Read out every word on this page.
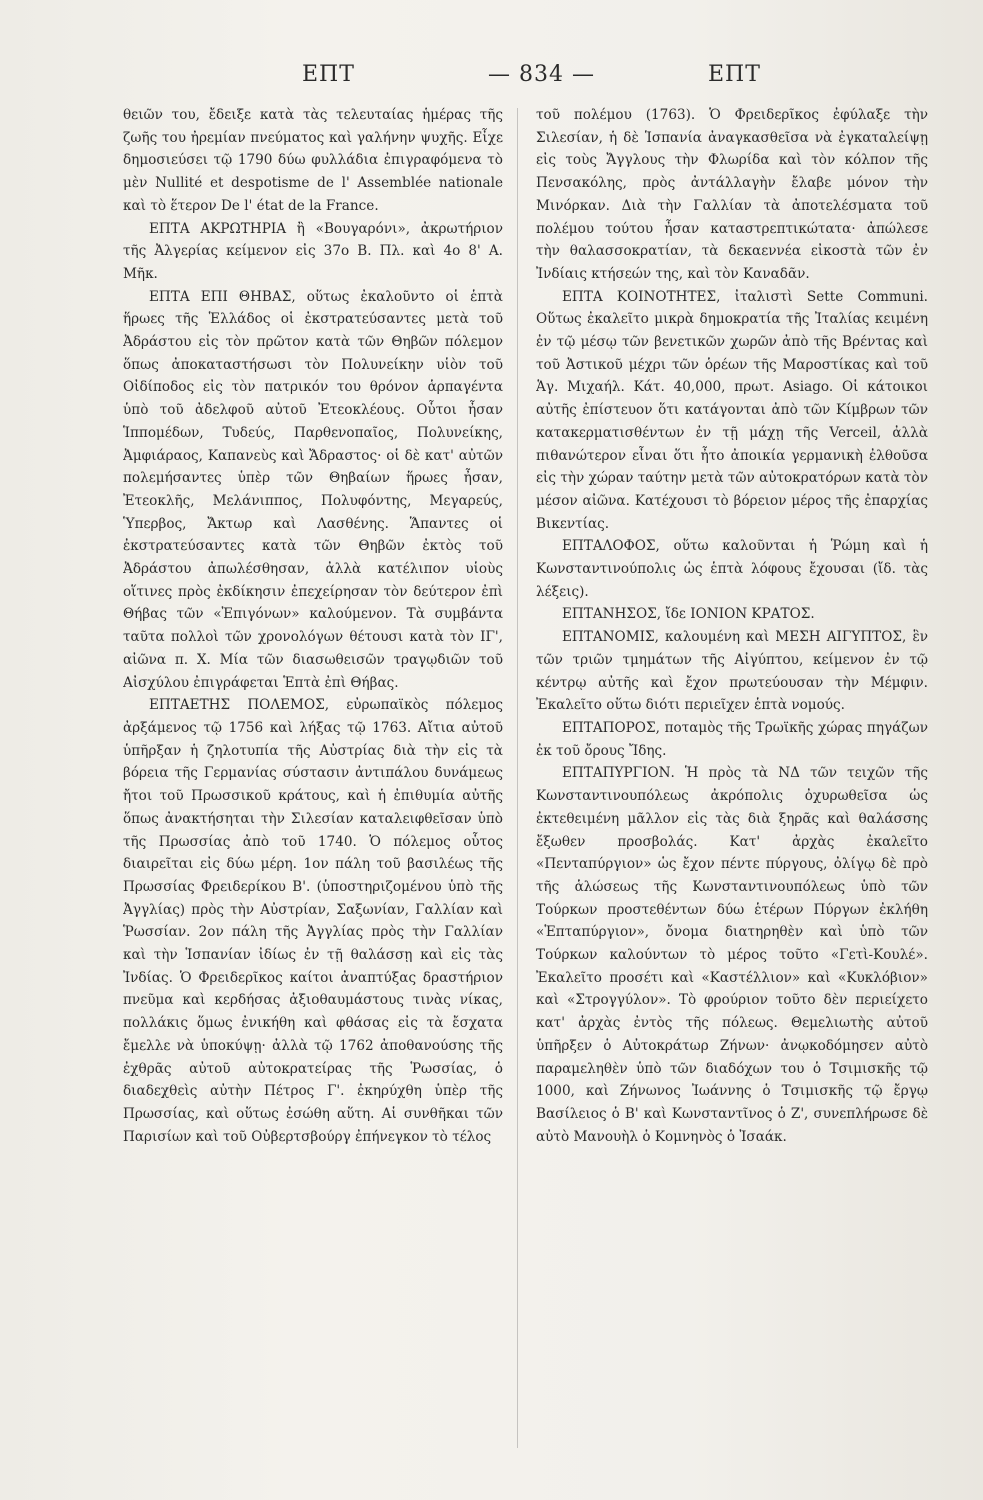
ΕΠΤ	— 834 —	ΕΠΤ

θειῶν του, ἔδειξε κατὰ τὰς τελευταίας ἡμέρας τῆς ζωῆς του ἠρεμίαν πνεύματος καὶ γαλήνην ψυχῆς. Εἶχε δημοσιεύσει τῷ 1790 δύω φυλλάδια ἐπιγραφόμενα τὸ μὲν Nullité et despotisme de l' Assemblée nationale καὶ τὸ ἕτερον De l' état de la France.

ΕΠΤΑ ΑΚΡΩΤΗΡΙΑ ἢ «Βουγαρόνι», ἀκρωτήριον τῆς Ἀλγερίας κείμενον εἰς 37ο Β. Πλ. καὶ 4ο 8' Α. Μῆκ.

ΕΠΤΑ ΕΠΙ ΘΗΒΑΣ, οὕτως ἐκαλοῦντο οἱ ἑπτὰ ἥρωες τῆς Ἑλλάδος οἱ ἐκστρατεύσαντες μετὰ τοῦ Ἀδράστου εἰς τὸν πρῶτον κατὰ τῶν Θηβῶν πόλεμον ὅπως ἀποκαταστήσωσι τὸν Πολυνείκην υἱὸν τοῦ Οἰδίποδος εἰς τὸν πατρικόν του θρόνον ἁρπαγέντα ὑπὸ τοῦ ἀδελφοῦ αὐτοῦ Ἐτεοκλέους. Οὗτοι ἦσαν Ἱππομέδων, Τυδεύς, Παρθενοπαῖος, Πολυνείκης, Ἀμφιάραος, Καπανεὺς καὶ Ἄδραστος· οἱ δὲ κατ' αὐτῶν πολεμήσαντες ὑπὲρ τῶν Θηβαίων ἥρωες ἦσαν, Ἐτεοκλῆς, Μελάνιππος, Πολυφόντης, Μεγαρεύς, Ὑπερβος, Ἄκτωρ καὶ Λασθένης. Ἅπαντες οἱ ἐκστρατεύσαντες κατὰ τῶν Θηβῶν ἐκτὸς τοῦ Ἀδράστου ἀπωλέσθησαν, ἀλλὰ κατέλιπον υἱοὺς οἵτινες πρὸς ἐκδίκησιν ἐπεχείρησαν τὸν δεύτερον ἐπὶ Θήβας τῶν «Ἐπιγόνων» καλούμενον. Τὰ συμβάντα ταῦτα πολλοὶ τῶν χρονολόγων θέτουσι κατὰ τὸν ΙΓ', αἰῶνα π. Χ. Μία τῶν διασωθεισῶν τραγῳδιῶν τοῦ Αἰσχύλου ἐπιγράφεται Ἑπτὰ ἐπὶ Θήβας.

ΕΠΤΑΕΤΗΣ ΠΟΛΕΜΟΣ, εὐρωπαϊκὸς πόλεμος ἀρξάμενος τῷ 1756 καὶ λήξας τῷ 1763. Αἴτια αὐτοῦ ὑπῆρξαν ἡ ζηλοτυπία τῆς Αὐστρίας διὰ τὴν εἰς τὰ βόρεια τῆς Γερμανίας σύστασιν ἀντιπάλου δυνάμεως ἤτοι τοῦ Πρωσσικοῦ κράτους, καὶ ἡ ἐπιθυμία αὐτῆς ὅπως ἀνακτήσηται τὴν Σιλεσίαν καταλειφθεῖσαν ὑπὸ τῆς Πρωσσίας ἀπὸ τοῦ 1740. Ὁ πόλεμος οὗτος διαιρεῖται εἰς δύω μέρη. 1ον πάλη τοῦ βασιλέως τῆς Πρωσσίας Φρειδερίκου Β'. (ὑποστηριζομένου ὑπὸ τῆς Ἀγγλίας) πρὸς τὴν Αὐστρίαν, Σαξωνίαν, Γαλλίαν καὶ Ῥωσσίαν. 2ον πάλη τῆς Ἀγγλίας πρὸς τὴν Γαλλίαν καὶ τὴν Ἱσπανίαν ἰδίως ἐν τῇ θαλάσσῃ καὶ εἰς τὰς Ἰνδίας. Ὁ Φρειδερῖκος καίτοι ἀναπτύξας δραστήριον πνεῦμα καὶ κερδήσας ἀξιοθαυμάστους τινὰς νίκας, πολλάκις ὅμως ἐνικήθη καὶ φθάσας εἰς τὰ ἔσχατα ἔμελλε νὰ ὑποκύψῃ· ἀλλὰ τῷ 1762 ἀποθανούσης τῆς ἐχθρᾶς αὐτοῦ αὐτοκρατείρας τῆς Ῥωσσίας, ὁ διαδεχθεὶς αὐτὴν Πέτρος Γ'. ἐκηρύχθη ὑπὲρ τῆς Πρωσσίας, καὶ οὕτως ἐσώθη αὕτη. Αἱ συνθῆκαι τῶν Παρισίων καὶ τοῦ Οὐβερτσβούργ ἐπήνεγκον τὸ τέλος

τοῦ πολέμου (1763). Ὁ Φρειδερῖκος ἐφύλαξε τὴν Σιλεσίαν, ἡ δὲ Ἱσπανία ἀναγκασθεῖσα νὰ ἐγκαταλείψῃ εἰς τοὺς Ἄγγλους τὴν Φλωρίδα καὶ τὸν κόλπον τῆς Πενσακόλης, πρὸς ἀντάλλαγὴν ἔλαβε μόνον τὴν Μινόρκαν. Διὰ τὴν Γαλλίαν τὰ ἀποτελέσματα τοῦ πολέμου τούτου ἦσαν καταστρεπτικώτατα· ἀπώλεσε τὴν θαλασσοκρατίαν, τὰ δεκαεννέα εἰκοστὰ τῶν ἐν Ἰνδίαις κτήσεών της, καὶ τὸν Καναδᾶν.

ΕΠΤΑ ΚΟΙΝΟΤΗΤΕΣ, ἰταλιστὶ Sette Communi. Οὕτως ἐκαλεῖτο μικρὰ δημοκρατία τῆς Ἰταλίας κειμένη ἐν τῷ μέσῳ τῶν βενετικῶν χωρῶν ἀπὸ τῆς Βρέντας καὶ τοῦ Ἀστικοῦ μέχρι τῶν ὁρέων τῆς Μαροστίκας καὶ τοῦ Ἁγ. Μιχαήλ. Κάτ. 40,000, πρωτ. Asiago. Οἱ κάτοικοι αὐτῆς ἐπίστευον ὅτι κατάγονται ἀπὸ τῶν Κίμβρων τῶν κατακερματισθέντων ἐν τῇ μάχῃ τῆς Verceil, ἀλλὰ πιθανώτερον εἶναι ὅτι ἦτο ἀποικία γερμανικὴ ἐλθοῦσα εἰς τὴν χώραν ταύτην μετὰ τῶν αὐτοκρατόρων κατὰ τὸν μέσον αἰῶνα. Κατέχουσι τὸ βόρειον μέρος τῆς ἐπαρχίας Βικεντίας.

ΕΠΤΑΛΟΦΟΣ, οὕτω καλοῦνται ἡ Ῥώμη καὶ ἡ Κωνσταντινούπολις ὡς ἑπτὰ λόφους ἔχουσαι (ἴδ. τὰς λέξεις).

ΕΠΤΑΝΗΣΟΣ, ἴδε ΙΟΝΙΟΝ ΚΡΑΤΟΣ.

ΕΠΤΑΝΟΜΙΣ, καλουμένη καὶ ΜΕΣΗ ΑΙΓΥΠΤΟΣ, ἓν τῶν τριῶν τμημάτων τῆς Αἰγύπτου, κείμενον ἐν τῷ κέντρῳ αὐτῆς καὶ ἔχον πρωτεύουσαν τὴν Μέμφιν. Ἐκαλεῖτο οὕτω διότι περιεῖχεν ἑπτὰ νομούς.

ΕΠΤΑΠΟΡΟΣ, ποταμὸς τῆς Τρωϊκῆς χώρας πηγάζων ἐκ τοῦ ὄρους Ἴδης.

ΕΠΤΑΠΥΡΓΙΟΝ. Ἡ πρὸς τὰ ΝΔ τῶν τειχῶν τῆς Κωνσταντινουπόλεως ἀκρόπολις ὀχυρωθεῖσα ὡς ἐκτεθειμένη μᾶλλον εἰς τὰς διὰ ξηρᾶς καὶ θαλάσσης ἔξωθεν προσβολάς. Κατ' ἀρχὰς ἐκαλεῖτο «Πενταπύργιον» ὡς ἔχον πέντε πύργους, ὀλίγῳ δὲ πρὸ τῆς ἁλώσεως τῆς Κωνσταντινουπόλεως ὑπὸ τῶν Τούρκων προστεθέντων δύω ἑτέρων Πύργων ἐκλήθη «Ἑπταπύργιον», ὄνομα διατηρηθὲν καὶ ὑπὸ τῶν Τούρκων καλούντων τὸ μέρος τοῦτο «Γετὶ-Κουλέ». Ἐκαλεῖτο προσέτι καὶ «Καστέλλιον» καὶ «Κυκλόβιον» καὶ «Στρογγύλον». Τὸ φρούριον τοῦτο δὲν περιείχετο κατ' ἀρχὰς ἐντὸς τῆς πόλεως. Θεμελιωτὴς αὐτοῦ ὑπῆρξεν ὁ Αὐτοκράτωρ Ζήνων· ἀνῳκοδόμησεν αὐτὸ παραμεληθὲν ὑπὸ τῶν διαδόχων του ὁ Τσιμισκῆς τῷ 1000, καὶ Ζήνωνος Ἰωάννης ὁ Τσιμισκῆς τῷ ἔργῳ Βασίλειος ὁ Β' καὶ Κωνσταντῖνος ὁ Ζ', συνεπλήρωσε δὲ αὐτὸ Μανουὴλ ὁ Κομνηνὸς ὁ Ἰσαάκ.
